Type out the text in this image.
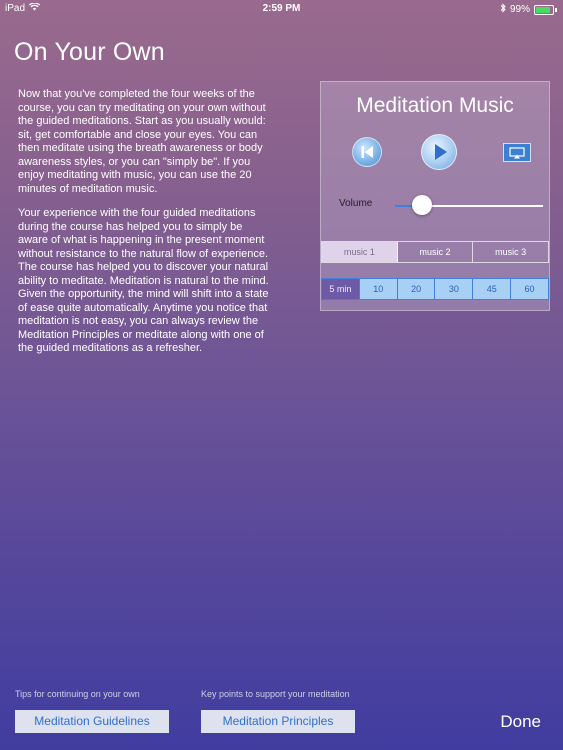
iPad	2:59 PM	99%
On Your Own

Now that you've completed the four weeks of the course, you can try meditating on your own without the guided meditations. Start as you usually would: sit, get comfortable and close your eyes. You can then meditate using the breath awareness or body awareness styles, or you can "simply be". If you enjoy meditating with music, you can use the 20 minutes of meditation music.

Your experience with the four guided meditations during the course has helped you to simply be aware of what is happening in the present moment without resistance to the natural flow of experience. The course has helped you to discover your natural ability to meditate. Meditation is natural to the mind. Given the opportunity, the mind will shift into a state of ease quite automatically. Anytime you notice that meditation is not easy, you can always review the Meditation Principles or meditate along with one of the guided meditations as a refresher.

Meditation Music
Volume
music 1	music 2	music 3
5 min	10	20	30	45	60
Tips for continuing on your own
Meditation Guidelines
Key points to support your meditation
Meditation Principles	Done
